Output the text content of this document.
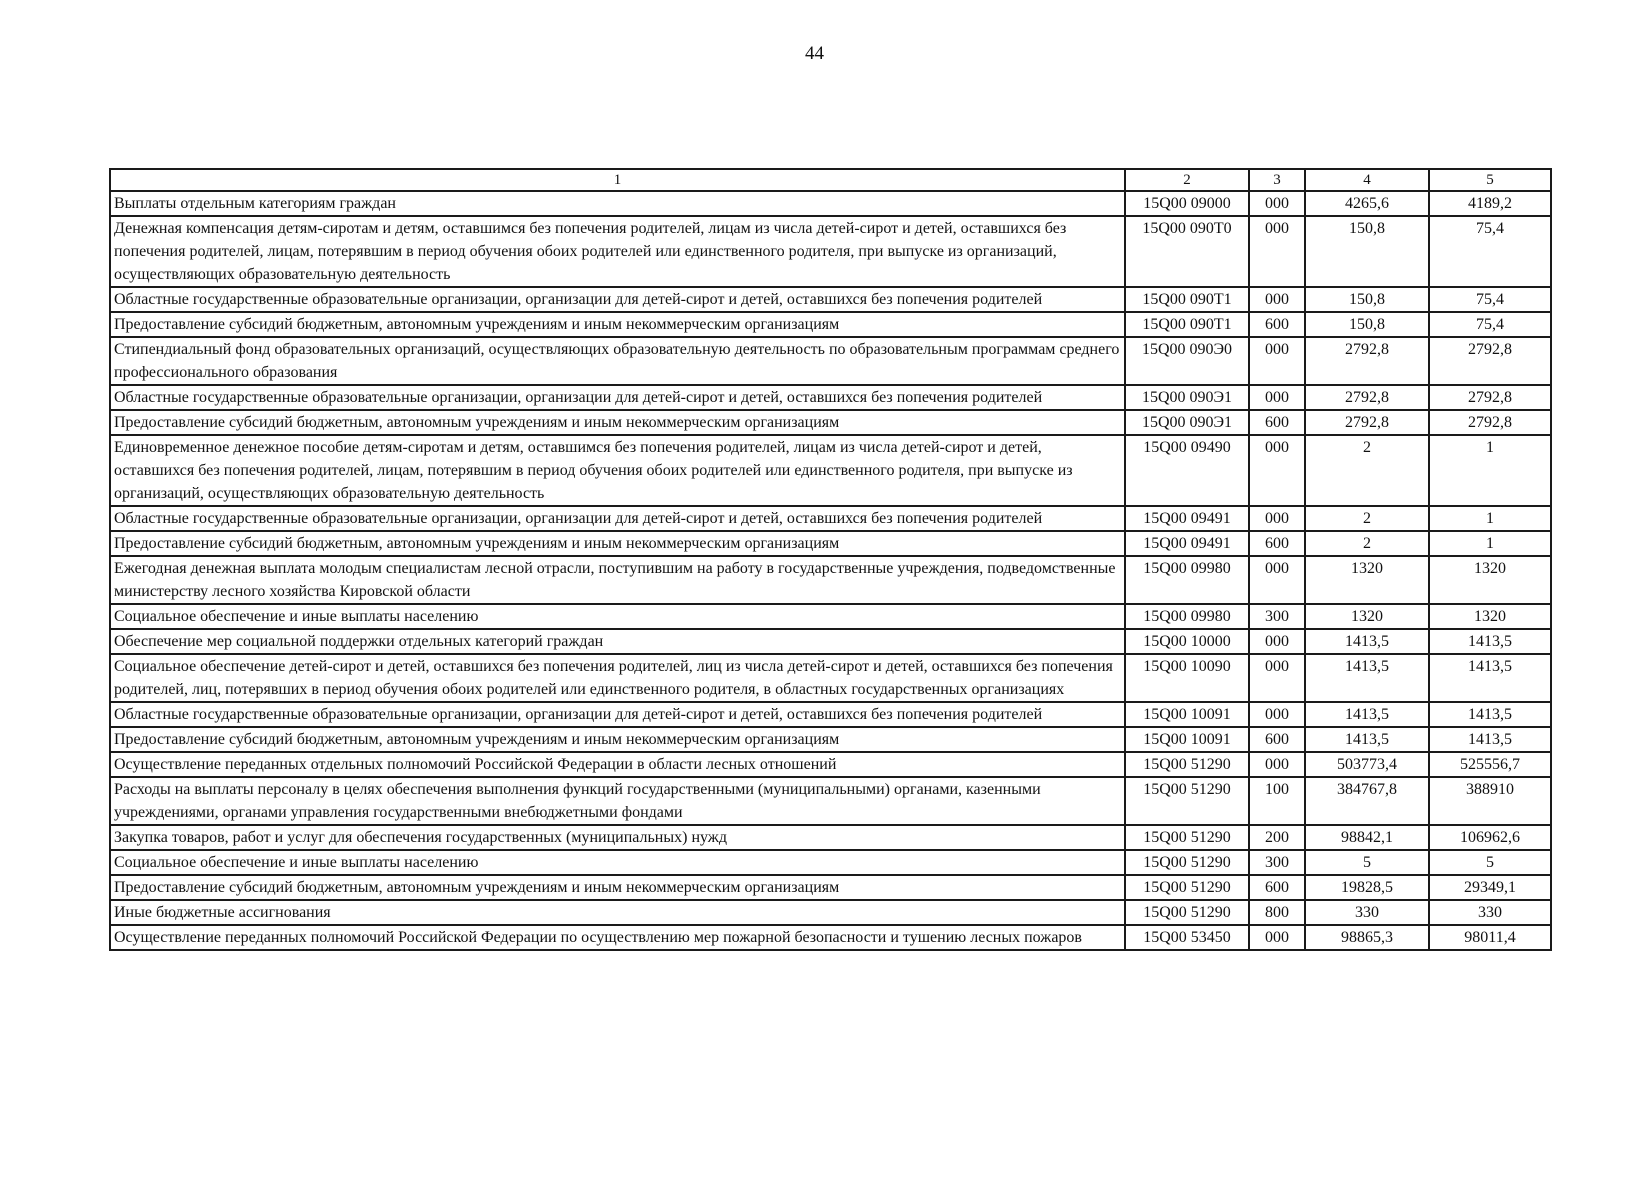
44
1	2	3	4	5
Выплаты отдельным категориям граждан	15Q00 09000	000	4265,6	4189,2
Денежная компенсация детям-сиротам и детям, оставшимся без попечения родителей, лицам из числа детей-сирот и детей, оставшихся без попечения родителей, лицам, потерявшим в период обучения обоих родителей или единственного родителя, при выпуске из организаций, осуществляющих образовательную деятельность	15Q00 090Т0	000	150,8	75,4
Областные государственные образовательные организации, организации для детей-сирот и детей, оставшихся без попечения родителей	15Q00 090Т1	000	150,8	75,4
Предоставление субсидий бюджетным, автономным учреждениям и иным некоммерческим организациям	15Q00 090Т1	600	150,8	75,4
Стипендиальный фонд образовательных организаций, осуществляющих образовательную деятельность по образовательным программам среднего профессионального образования	15Q00 090Э0	000	2792,8	2792,8
Областные государственные образовательные организации, организации для детей-сирот и детей, оставшихся без попечения родителей	15Q00 090Э1	000	2792,8	2792,8
Предоставление субсидий бюджетным, автономным учреждениям и иным некоммерческим организациям	15Q00 090Э1	600	2792,8	2792,8
Единовременное денежное пособие детям-сиротам и детям, оставшимся без попечения родителей, лицам из числа детей-сирот и детей, оставшихся без попечения родителей, лицам, потерявшим в период обучения обоих родителей или единственного родителя, при выпуске из организаций, осуществляющих образовательную деятельность	15Q00 09490	000	2	1
Областные государственные образовательные организации, организации для детей-сирот и детей, оставшихся без попечения родителей	15Q00 09491	000	2	1
Предоставление субсидий бюджетным, автономным учреждениям и иным некоммерческим организациям	15Q00 09491	600	2	1
Ежегодная денежная выплата молодым специалистам лесной отрасли, поступившим на работу в государственные учреждения, подведомственные министерству лесного хозяйства Кировской области	15Q00 09980	000	1320	1320
Социальное обеспечение и иные выплаты населению	15Q00 09980	300	1320	1320
Обеспечение мер социальной поддержки отдельных категорий граждан	15Q00 10000	000	1413,5	1413,5
Социальное обеспечение детей-сирот и детей, оставшихся без попечения родителей, лиц из числа детей-сирот и детей, оставшихся без попечения родителей, лиц, потерявших в период обучения обоих родителей или единственного родителя, в областных государственных организациях	15Q00 10090	000	1413,5	1413,5
Областные государственные образовательные организации, организации для детей-сирот и детей, оставшихся без попечения родителей	15Q00 10091	000	1413,5	1413,5
Предоставление субсидий бюджетным, автономным учреждениям и иным некоммерческим организациям	15Q00 10091	600	1413,5	1413,5
Осуществление переданных отдельных полномочий Российской Федерации в области лесных отношений	15Q00 51290	000	503773,4	525556,7
Расходы на выплаты персоналу в целях обеспечения выполнения функций государственными (муниципальными) органами, казенными учреждениями, органами управления государственными внебюджетными фондами	15Q00 51290	100	384767,8	388910
Закупка товаров, работ и услуг для обеспечения государственных (муниципальных) нужд	15Q00 51290	200	98842,1	106962,6
Социальное обеспечение и иные выплаты населению	15Q00 51290	300	5	5
Предоставление субсидий бюджетным, автономным учреждениям и иным некоммерческим организациям	15Q00 51290	600	19828,5	29349,1
Иные бюджетные ассигнования	15Q00 51290	800	330	330
Осуществление переданных полномочий Российской Федерации по осуществлению мер пожарной безопасности и тушению лесных пожаров	15Q00 53450	000	98865,3	98011,4
